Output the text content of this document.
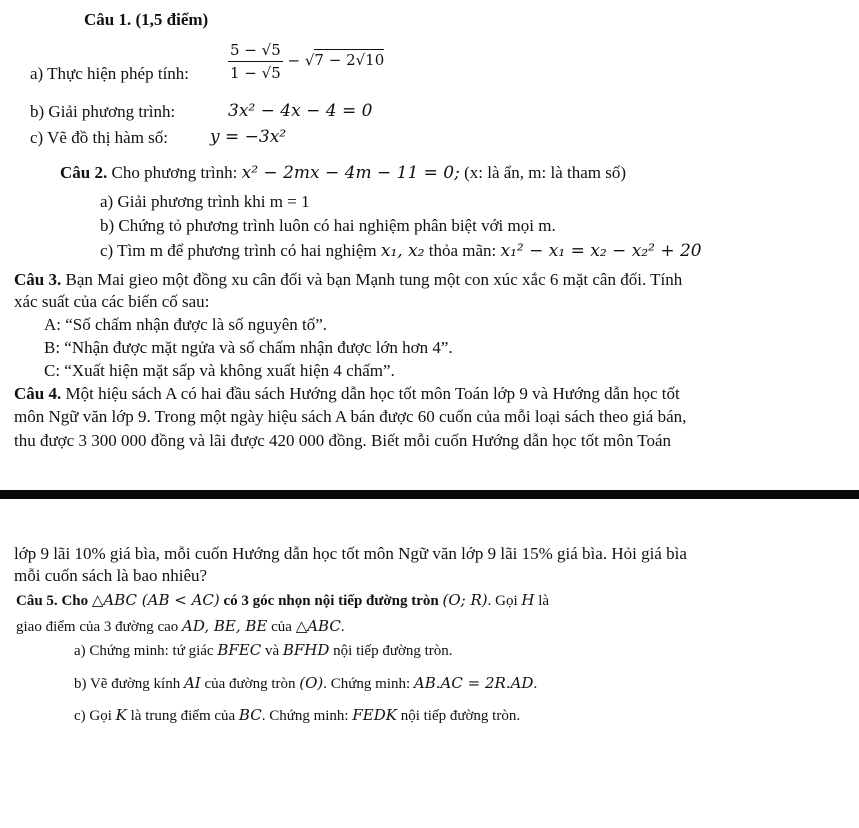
Câu 1. (1,5 điểm)
a) Thực hiện phép tính:	$\frac{5 - √5}{1 - √5} - √7 - 2√10$
b) Giải phương trình:	3x² − 4x − 4 = 0
c) Vẽ đồ thị hàm số: y = −3x²
Câu 2. Cho phương trình: x² − 2mx − 4m − 11 = 0; (x: là ẩn, m: là tham số)
a) Giải phương trình khi m = 1
b) Chứng tỏ phương trình luôn có hai nghiệm phân biệt với mọi m.
c) Tìm m để phương trình có hai nghiệm x₁, x₂ thỏa mãn: x₁² − x₁ = x₂ − x₂² + 20
Câu 3. Bạn Mai gieo một đồng xu cân đối và bạn Mạnh tung một con xúc xắc 6 mặt cân đối. Tính
xác suất của các biến cố sau:
A: “Số chấm nhận được là số nguyên tố”.
B: “Nhận được mặt ngửa và số chấm nhận được lớn hơn 4”.
C: “Xuất hiện mặt sấp và không xuất hiện 4 chấm”.
Câu 4. Một hiệu sách A có hai đầu sách Hướng dẫn học tốt môn Toán lớp 9 và Hướng dẫn học tốt
môn Ngữ văn lớp 9. Trong một ngày hiệu sách A bán được 60 cuốn của mỗi loại sách theo giá bán,
thu được 3 300 000 đồng và lãi được 420 000 đồng. Biết mỗi cuốn Hướng dẫn học tốt môn Toán
lớp 9 lãi 10% giá bìa, mỗi cuốn Hướng dẫn học tốt môn Ngữ văn lớp 9 lãi 15% giá bìa. Hỏi giá bìa
mỗi cuốn sách là bao nhiêu?
Câu 5. Cho △ABC (AB < AC) có 3 góc nhọn nội tiếp đường tròn (O; R). Gọi H là
giao điểm của 3 đường cao AD, BE, BE của △ABC.
a) Chứng minh: tứ giác BFEC và BFHD nội tiếp đường tròn.
b) Vẽ đường kính AI của đường tròn (O). Chứng minh: AB.AC = 2R.AD.
c) Gọi K là trung điểm của BC. Chứng minh: FEDK nội tiếp đường tròn.
